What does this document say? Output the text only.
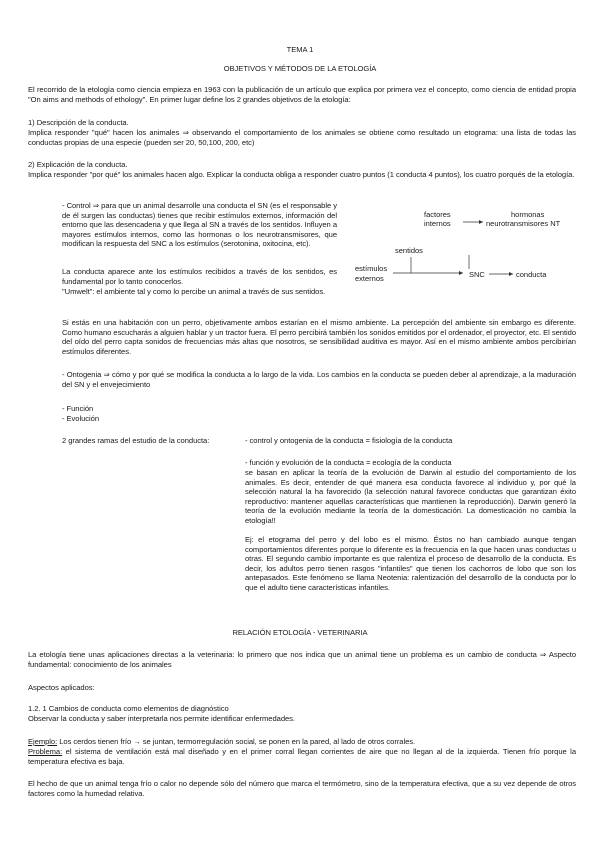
TEMA 1

OBJETIVOS Y MÉTODOS DE LA ETOLOGÍA

El recorrido de la etología como ciencia empieza en 1963 con la publicación de un artículo que explica por primera vez el concepto, como ciencia de entidad propia "On aims and methods of ethology". En primer lugar define los 2 grandes objetivos de la etología:

1) Descripción de la conducta.

Implica responder "qué" hacen los animales ⇒ observando el comportamiento de los animales se obtiene como resultado un etograma: una lista de todas las conductas propias de una especie (pueden ser 20, 50,100, 200, etc)

2) Explicación de la conducta.

Implica responder "por qué" los animales hacen algo. Explicar la conducta obliga a responder cuatro puntos (1 conducta 4 puntos), los cuatro porqués de la etología.

- Control ⇒ para que un animal desarrolle una conducta el SN (es el responsable y de él surgen las conductas) tienes que recibir estímulos externos, información del entorno que las desencadena y que llega al SN a través de los sentidos. Influyen a mayores estímulos internos, como las hormonas o los neurotransmisores, que modifican la respuesta del SNC a los estímulos (serotonina, oxitocina, etc).

La conducta aparece ante los estímulos recibidos a través de los sentidos, es fundamental por lo tanto conocerlos.

"Umwelt": el ambiente tal y como lo percibe un animal a través de sus sentidos.

factores
internos
hormonas
neurotransmisores NT
sentidos
estímulos
externos	SNC	conducta

Si estás en una habitación con un perro, objetivamente ambos estarían en el mismo ambiente. La percepción del ambiente sin embargo es diferente. Como humano escucharás a alguien hablar y un tractor fuera. El perro percibirá también los sonidos emitidos por el ordenador, el proyector, etc. El sentido del oído del perro capta sonidos de frecuencias más altas que nosotros, se sensibilidad auditiva es mayor. Así en el mismo ambiente ambos percibirían estímulos diferentes.

- Ontogenia ⇒ cómo y por qué se modifica la conducta a lo largo de la vida. Los cambios en la conducta se pueden deber al aprendizaje, a la maduración del SN y el envejecimiento

- Función

- Evolución

2 grandes ramas del estudio de la conducta:	- control y ontogenia de la conducta = fisiología de la conducta

- función y evolución de la conducta = ecología de la conducta

se basan en aplicar la teoría de la evolución de Darwin al estudio del comportamiento de los animales. Es decir, entender de qué manera esa conducta favorece al individuo y, por qué la selección natural la ha favorecido (la selección natural favorece conductas que garantizan éxito reproductivo: mantener aquellas características que mantienen la reproducción). Darwin generó la teoría de la evolución mediante la teoría de la domesticación. La domesticación no cambia la etología!!

Ej: el etograma del perro y del lobo es el mismo. Éstos no han cambiado aunque tengan comportamientos diferentes porque lo diferente es la frecuencia en la que hacen unas conductas u otras. El segundo cambio importante es que ralentiza el proceso de desarrollo de la conducta. Es decir, los adultos perro tienen rasgos "infantiles" que tienen los cachorros de lobo que son los antepasados. Este fenómeno se llama Neotenia: ralentización del desarrollo de la conducta por lo que el adulto tiene características infantiles.

RELACIÓN ETOLOGÍA - VETERINARIA

La etología tiene unas aplicaciones directas a la veterinaria: lo primero que nos indica que un animal tiene un problema es un cambio de conducta ⇒ Aspecto fundamental: conocimiento de los animales

Aspectos aplicados:

1.2. 1 Cambios de conducta como elementos de diagnóstico

Observar la conducta y saber interpretarla nos permite identificar enfermedades.

Ejemplo: Los cerdos tienen frío → se juntan, termorregulación social, se ponen en la pared, al lado de otros corrales.

Problema: el sistema de ventilación está mal diseñado y en el primer corral llegan corrientes de aire que no llegan al de la izquierda. Tienen frío porque la temperatura efectiva es baja.

El hecho de que un animal tenga frío o calor no depende sólo del número que marca el termómetro, sino de la temperatura efectiva, que a su vez depende de otros factores como la humedad relativa.
